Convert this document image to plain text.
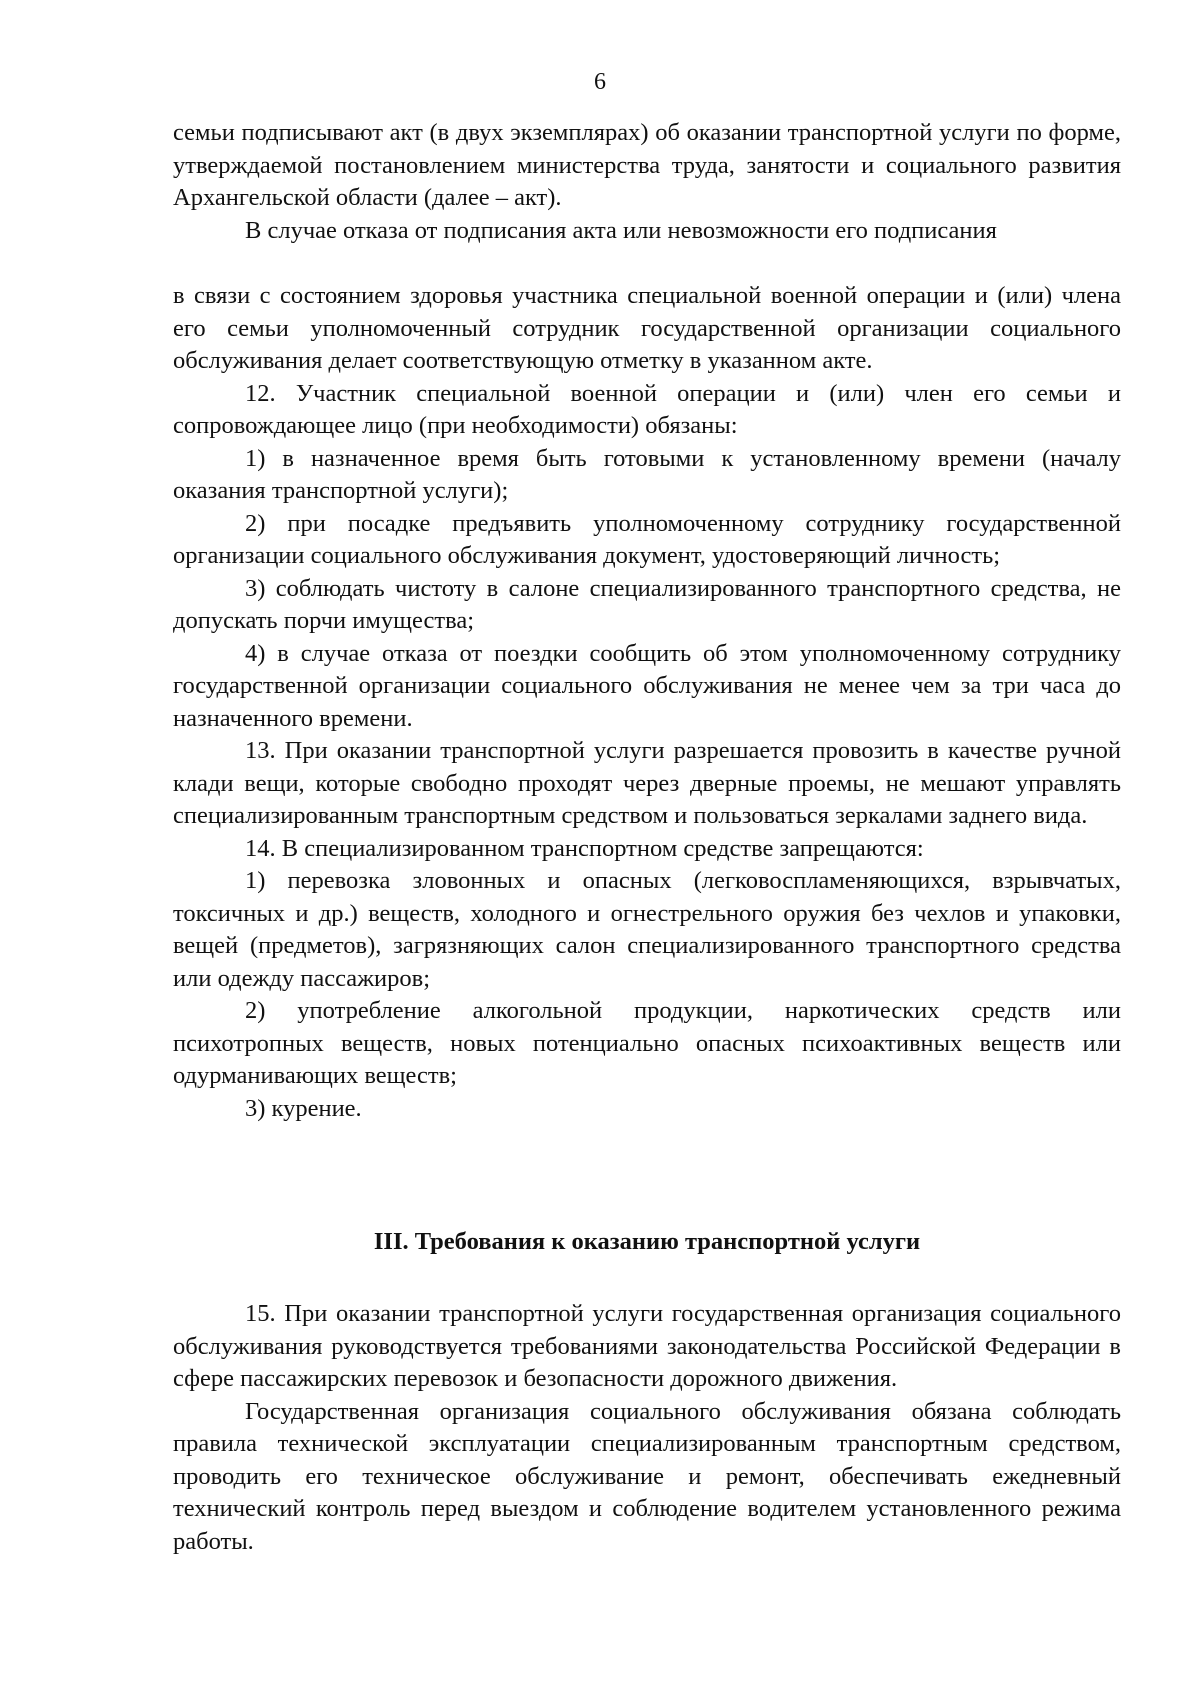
6

семьи подписывают акт (в двух экземплярах) об оказании транспортной услуги по форме, утверждаемой постановлением министерства труда, занятости и социального развития Архангельской области (далее – акт).

В случае отказа от подписания акта или невозможности его подписания

в связи с состоянием здоровья участника специальной военной операции и (или) члена его семьи уполномоченный сотрудник государственной организации социального обслуживания делает соответствующую отметку в указанном акте.

12. Участник специальной военной операции и (или) член его семьи и сопровождающее лицо (при необходимости) обязаны:

1) в назначенное время быть готовыми к установленному времени (началу оказания транспортной услуги);

2) при посадке предъявить уполномоченному сотруднику государственной организации социального обслуживания документ, удостоверяющий личность;

3) соблюдать чистоту в салоне специализированного транспортного средства, не допускать порчи имущества;

4) в случае отказа от поездки сообщить об этом уполномоченному сотруднику государственной организации социального обслуживания не менее чем за три часа до назначенного времени.

13. При оказании транспортной услуги разрешается провозить в качестве ручной клади вещи, которые свободно проходят через дверные проемы, не мешают управлять специализированным транспортным средством и пользоваться зеркалами заднего вида.

14. В специализированном транспортном средстве запрещаются:

1) перевозка зловонных и опасных (легковоспламеняющихся, взрывчатых, токсичных и др.) веществ, холодного и огнестрельного оружия без чехлов и упаковки, вещей (предметов), загрязняющих салон специализированного транспортного средства или одежду пассажиров;

2) употребление алкогольной продукции, наркотических средств или психотропных веществ, новых потенциально опасных психоактивных веществ или одурманивающих веществ;

3) курение.

III. Требования к оказанию транспортной услуги

15. При оказании транспортной услуги государственная организация социального обслуживания руководствуется требованиями законодательства Российской Федерации в сфере пассажирских перевозок и безопасности дорожного движения.

Государственная организация социального обслуживания обязана соблюдать правила технической эксплуатации специализированным транспортным средством, проводить его техническое обслуживание и ремонт, обеспечивать ежедневный технический контроль перед выездом и соблюдение водителем установленного режима работы.
